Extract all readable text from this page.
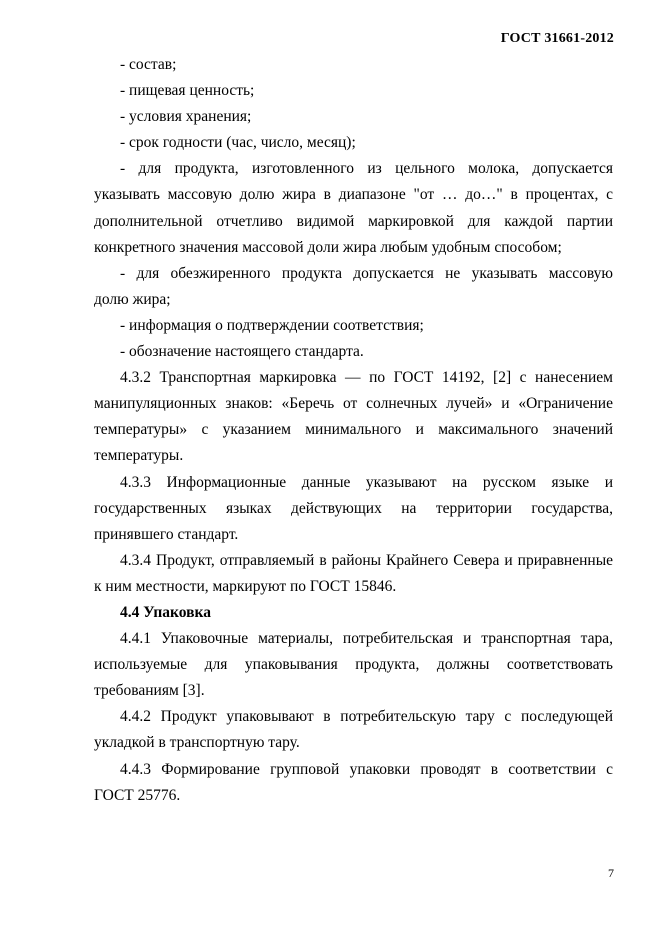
ГОСТ 31661-2012
- состав;
- пищевая ценность;
- условия хранения;
- срок годности (час, число, месяц);
- для продукта, изготовленного из цельного молока, допускается
указывать массовую долю жира в диапазоне "от … до…" в процентах, с
дополнительной отчетливо видимой маркировкой для каждой партии
конкретного значения массовой доли жира любым удобным способом;
- для обезжиренного продукта допускается не указывать массовую
долю жира;
- информация о подтверждении соответствия;
- обозначение настоящего стандарта.
4.3.2 Транспортная маркировка — по ГОСТ 14192, [2] с нанесением
манипуляционных знаков: «Беречь от солнечных лучей» и «Ограничение
температуры» с указанием минимального и максимального значений
температуры.
4.3.3 Информационные данные указывают на русском языке и
государственных языках действующих на территории государства,
принявшего стандарт.
4.3.4 Продукт, отправляемый в районы Крайнего Севера и приравненные
к ним местности, маркируют по ГОСТ 15846.
4.4 Упаковка
4.4.1 Упаковочные материалы, потребительская и транспортная тара,
используемые для упаковывания продукта, должны соответствовать
требованиям [3].
4.4.2 Продукт упаковывают в потребительскую тару с последующей
укладкой в транспортную тару.
4.4.3 Формирование групповой упаковки проводят в соответствии с
ГОСТ 25776.
7
